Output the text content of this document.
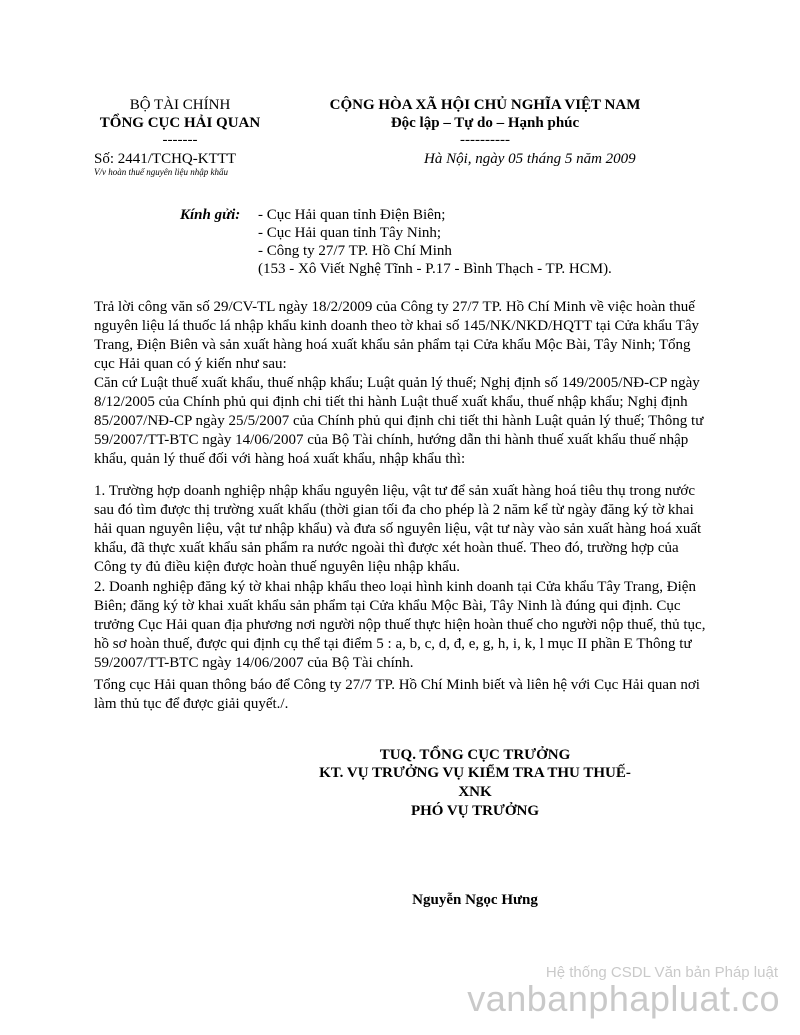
BỘ TÀI CHÍNH
TỔNG CỤC HẢI QUAN
-------
Số: 2441/TCHQ-KTTT
V/v hoàn thuế nguyên liệu nhập khẩu
CỘNG HÒA XÃ HỘI CHỦ NGHĨA VIỆT NAM
Độc lập – Tự do – Hạnh phúc
----------
Hà Nội, ngày 05 tháng 5 năm 2009
Kính gửi: - Cục Hải quan tỉnh Điện Biên;
- Cục Hải quan tỉnh Tây Ninh;
- Công ty 27/7 TP. Hồ Chí Minh
(153 - Xô Viết Nghệ Tĩnh - P.17 - Bình Thạch - TP. HCM).

Trả lời công văn số 29/CV-TL ngày 18/2/2009 của Công ty 27/7 TP. Hồ Chí Minh về việc hoàn thuế nguyên liệu lá thuốc lá nhập khẩu kinh doanh theo tờ khai số 145/NK/NKD/HQTT tại Cửa khẩu Tây Trang, Điện Biên và sản xuất hàng hoá xuất khẩu sản phẩm tại Cửa khẩu Mộc Bài, Tây Ninh; Tổng cục Hải quan có ý kiến như sau:

Căn cứ Luật thuế xuất khẩu, thuế nhập khẩu; Luật quản lý thuế; Nghị định số 149/2005/NĐ-CP ngày 8/12/2005 của Chính phủ qui định chi tiết thi hành Luật thuế xuất khẩu, thuế nhập khẩu; Nghị định 85/2007/NĐ-CP ngày 25/5/2007 của Chính phủ qui định chi tiết thi hành Luật quản lý thuế; Thông tư 59/2007/TT-BTC ngày 14/06/2007 của Bộ Tài chính, hướng dẫn thi hành thuế xuất khẩu thuế nhập khẩu, quản lý thuế đối với hàng hoá xuất khẩu, nhập khẩu thì:

1. Trường hợp doanh nghiệp nhập khẩu nguyên liệu, vật tư để sản xuất hàng hoá tiêu thụ trong nước sau đó tìm được thị trường xuất khẩu (thời gian tối đa cho phép là 2 năm kể từ ngày đăng ký tờ khai hải quan nguyên liệu, vật tư nhập khẩu) và đưa số nguyên liệu, vật tư này vào sản xuất hàng hoá xuất khẩu, đã thực xuất khẩu sản phẩm ra nước ngoài thì được xét hoàn thuế. Theo đó, trường hợp của Công ty đủ điều kiện được hoàn thuế nguyên liệu nhập khẩu.

2. Doanh nghiệp đăng ký tờ khai nhập khẩu theo loại hình kinh doanh tại Cửa khẩu Tây Trang, Điện Biên; đăng ký tờ khai xuất khẩu sản phẩm tại Cửa khẩu Mộc Bài, Tây Ninh là đúng qui định. Cục trưởng Cục Hải quan địa phương nơi người nộp thuế thực hiện hoàn thuế cho người nộp thuế, thủ tục, hồ sơ hoàn thuế, được qui định cụ thể tại điểm 5 : a, b, c, d, đ, e, g, h, i, k, l mục II phần E Thông tư 59/2007/TT-BTC ngày 14/06/2007 của Bộ Tài chính.

Tổng cục Hải quan thông báo để Công ty 27/7 TP. Hồ Chí Minh biết và liên hệ với Cục Hải quan nơi làm thủ tục để được giải quyết./.

TUQ. TỔNG CỤC TRƯỞNG
KT. VỤ TRƯỞNG VỤ KIỂM TRA THU THUẾ-
XNK
PHÓ VỤ TRƯỞNG
Nguyễn Ngọc Hưng
Hệ thống CSDL Văn bản Pháp luật
vanbanphapluat.co
